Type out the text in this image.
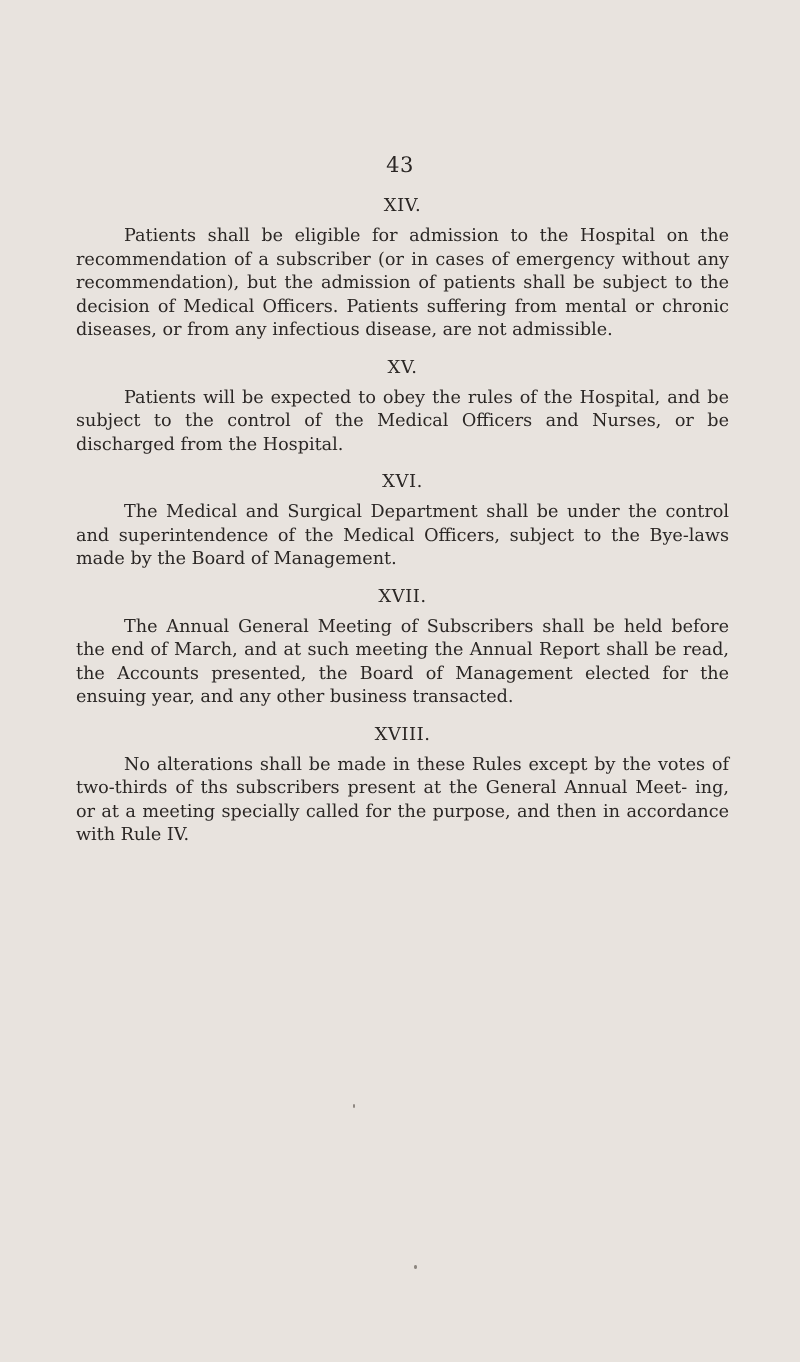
43
XIV.

Patients shall be eligible for admission to the Hospital on the recommendation of a subscriber (or in cases of emergency without any recommendation), but the admission of patients shall be subject to the decision of Medical Officers. Patients suffering from mental or chronic diseases, or from any infectious disease, are not admissible.

XV.

Patients will be expected to obey the rules of the Hospital, and be subject to the control of the Medical Officers and Nurses, or be discharged from the Hospital.

XVI.

The Medical and Surgical Department shall be under the control and superintendence of the Medical Officers, subject to the Bye-laws made by the Board of Management.

XVII.

The Annual General Meeting of Subscribers shall be held before the end of March, and at such meeting the Annual Report shall be read, the Accounts presented, the Board of Management elected for the ensuing year, and any other business transacted.

XVIII.

No alterations shall be made in these Rules except by the votes of two-thirds of ths subscribers present at the General Annual Meet- ing, or at a meeting specially called for the purpose, and then in accordance with Rule IV.
